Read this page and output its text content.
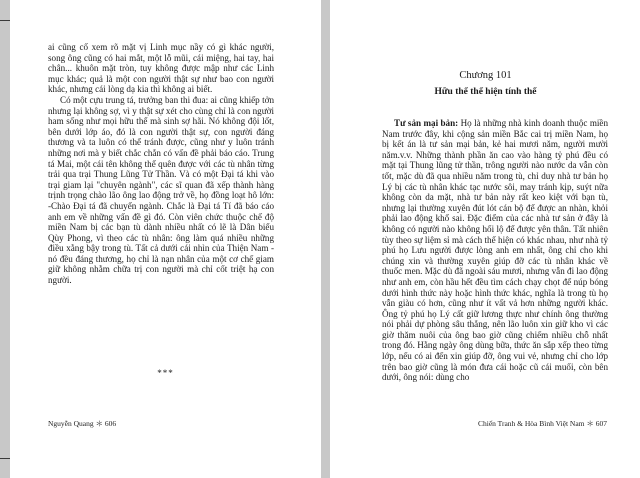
ai cũng cố xem rõ mặt vị Linh mục nầy có gì khác người, song ông cũng có hai mắt, một lỗ mũi, cái miệng, hai tay, hai chân... khuôn mặt tròn, tuy không được mập như các Linh mục khác; quả là một con người thật sự như bao con người khác, nhưng cái lòng dạ kia thì không ai biết.

Có một cựu trung tá, trưởng ban thi đua: ai cũng khiếp tởn nhưng lại không sợ, vì y thật sự xét cho cùng chỉ là con người ham sống như mọi hữu thể mà sinh sợ hãi. Nó không đội lốt, bên dưới lớp áo, đó là con người thật sự, con người đáng thương và ta luôn có thể tránh được, cũng như y luôn tránh những nơi mà y biết chắc chắn có vấn đề phải báo cáo. Trung tá Mai, một cái tên không thể quên được với các tù nhân từng trải qua trại Thung Lũng Tử Thần. Và có một Đại tá khi vào trại giam lại "chuyên ngành", các sĩ quan đã xếp thành hàng trịnh trọng chào lão ông lao động trở về, họ đồng loạt hô lớn: -Chào Đại tá đã chuyển ngành. Chắc là Đại tá Tí đã báo cáo anh em về những vấn đề gì đó. Còn viên chức thuộc chế độ miền Nam bị các bạn tù dành nhiều nhất có lẽ là Dân biểu Qùy Phong, vì theo các tù nhân: ông làm quá nhiều những điều xằng bậy trong tù. Tất cả dưới cái nhìn của Thiện Nam - nó đều đáng thương, họ chỉ là nạn nhân của một cơ chế giam giữ không nhằm chữa trị con người mà chỉ cốt triệt hạ con người.

***
Nguyễn Quang ＊ 606
Chương 101
Hữu thể thể hiện tính thể

Tư sản mại bản: Họ là những nhà kinh doanh thuộc miền Nam trước đây, khi cộng sản miền Bắc cai trị miền Nam, họ bị kết án là tư sản mại bản, kẻ hai mươi năm, người mười năm.v.v. Những thành phần ăn cao vào hàng tỷ phú đều có mặt tại Thung lũng tử thần, trông người nào nước da vẫn còn tốt, mặc dù đã qua nhiều năm trong tù, chỉ duy nhà tư bản họ Lý bị các tù nhân khác tạc nước sôi, may tránh kịp, suýt nữa không còn da mặt, nhà tư bản này rất keo kiệt với bạn tù, nhưng lại thường xuyên đút lót cán bộ để được an nhàn, khỏi phải lao động khổ sai. Đặc điểm của các nhà tư sản ở đây là không có người nào không hối lộ để được yên thân. Tất nhiên tùy theo sự liệm sỉ mà cách thể hiện có khác nhau, như nhà tỷ phú họ Lưu người được lòng anh em nhất, ông chỉ cho khi chúng xin và thường xuyên giúp đỡ các tù nhân khác về thuốc men. Mặc dù đã ngoài sáu mươi, nhưng vẫn đi lao động như anh em, còn hầu hết đều tìm cách chạy chọt để núp bóng dưới hình thức này hoặc hình thức khác, nghĩa là trong tù họ vẫn giàu có hơn, cũng như ít vất vả hơn những người khác. Ông tỷ phú họ Lý cất giữ lương thực như chính ông thường nói phải dự phòng sâu thẳng, nên lão luôn xin giữ kho vì các giờ thăm nuôi của ông bao giờ cũng chiếm nhiều chỗ nhất trong đó. Hằng ngày ông dùng bữa, thức ăn sắp xếp theo từng lớp, nếu có ai đến xin giúp đỡ, ông vui vẻ, nhưng chỉ cho lớp trên bao giờ cũng là món đưa cái hoặc cũ cái muối, còn bên dưới, ông nói: dùng cho

Chiến Tranh & Hòa Bình Việt Nam ＊ 607
